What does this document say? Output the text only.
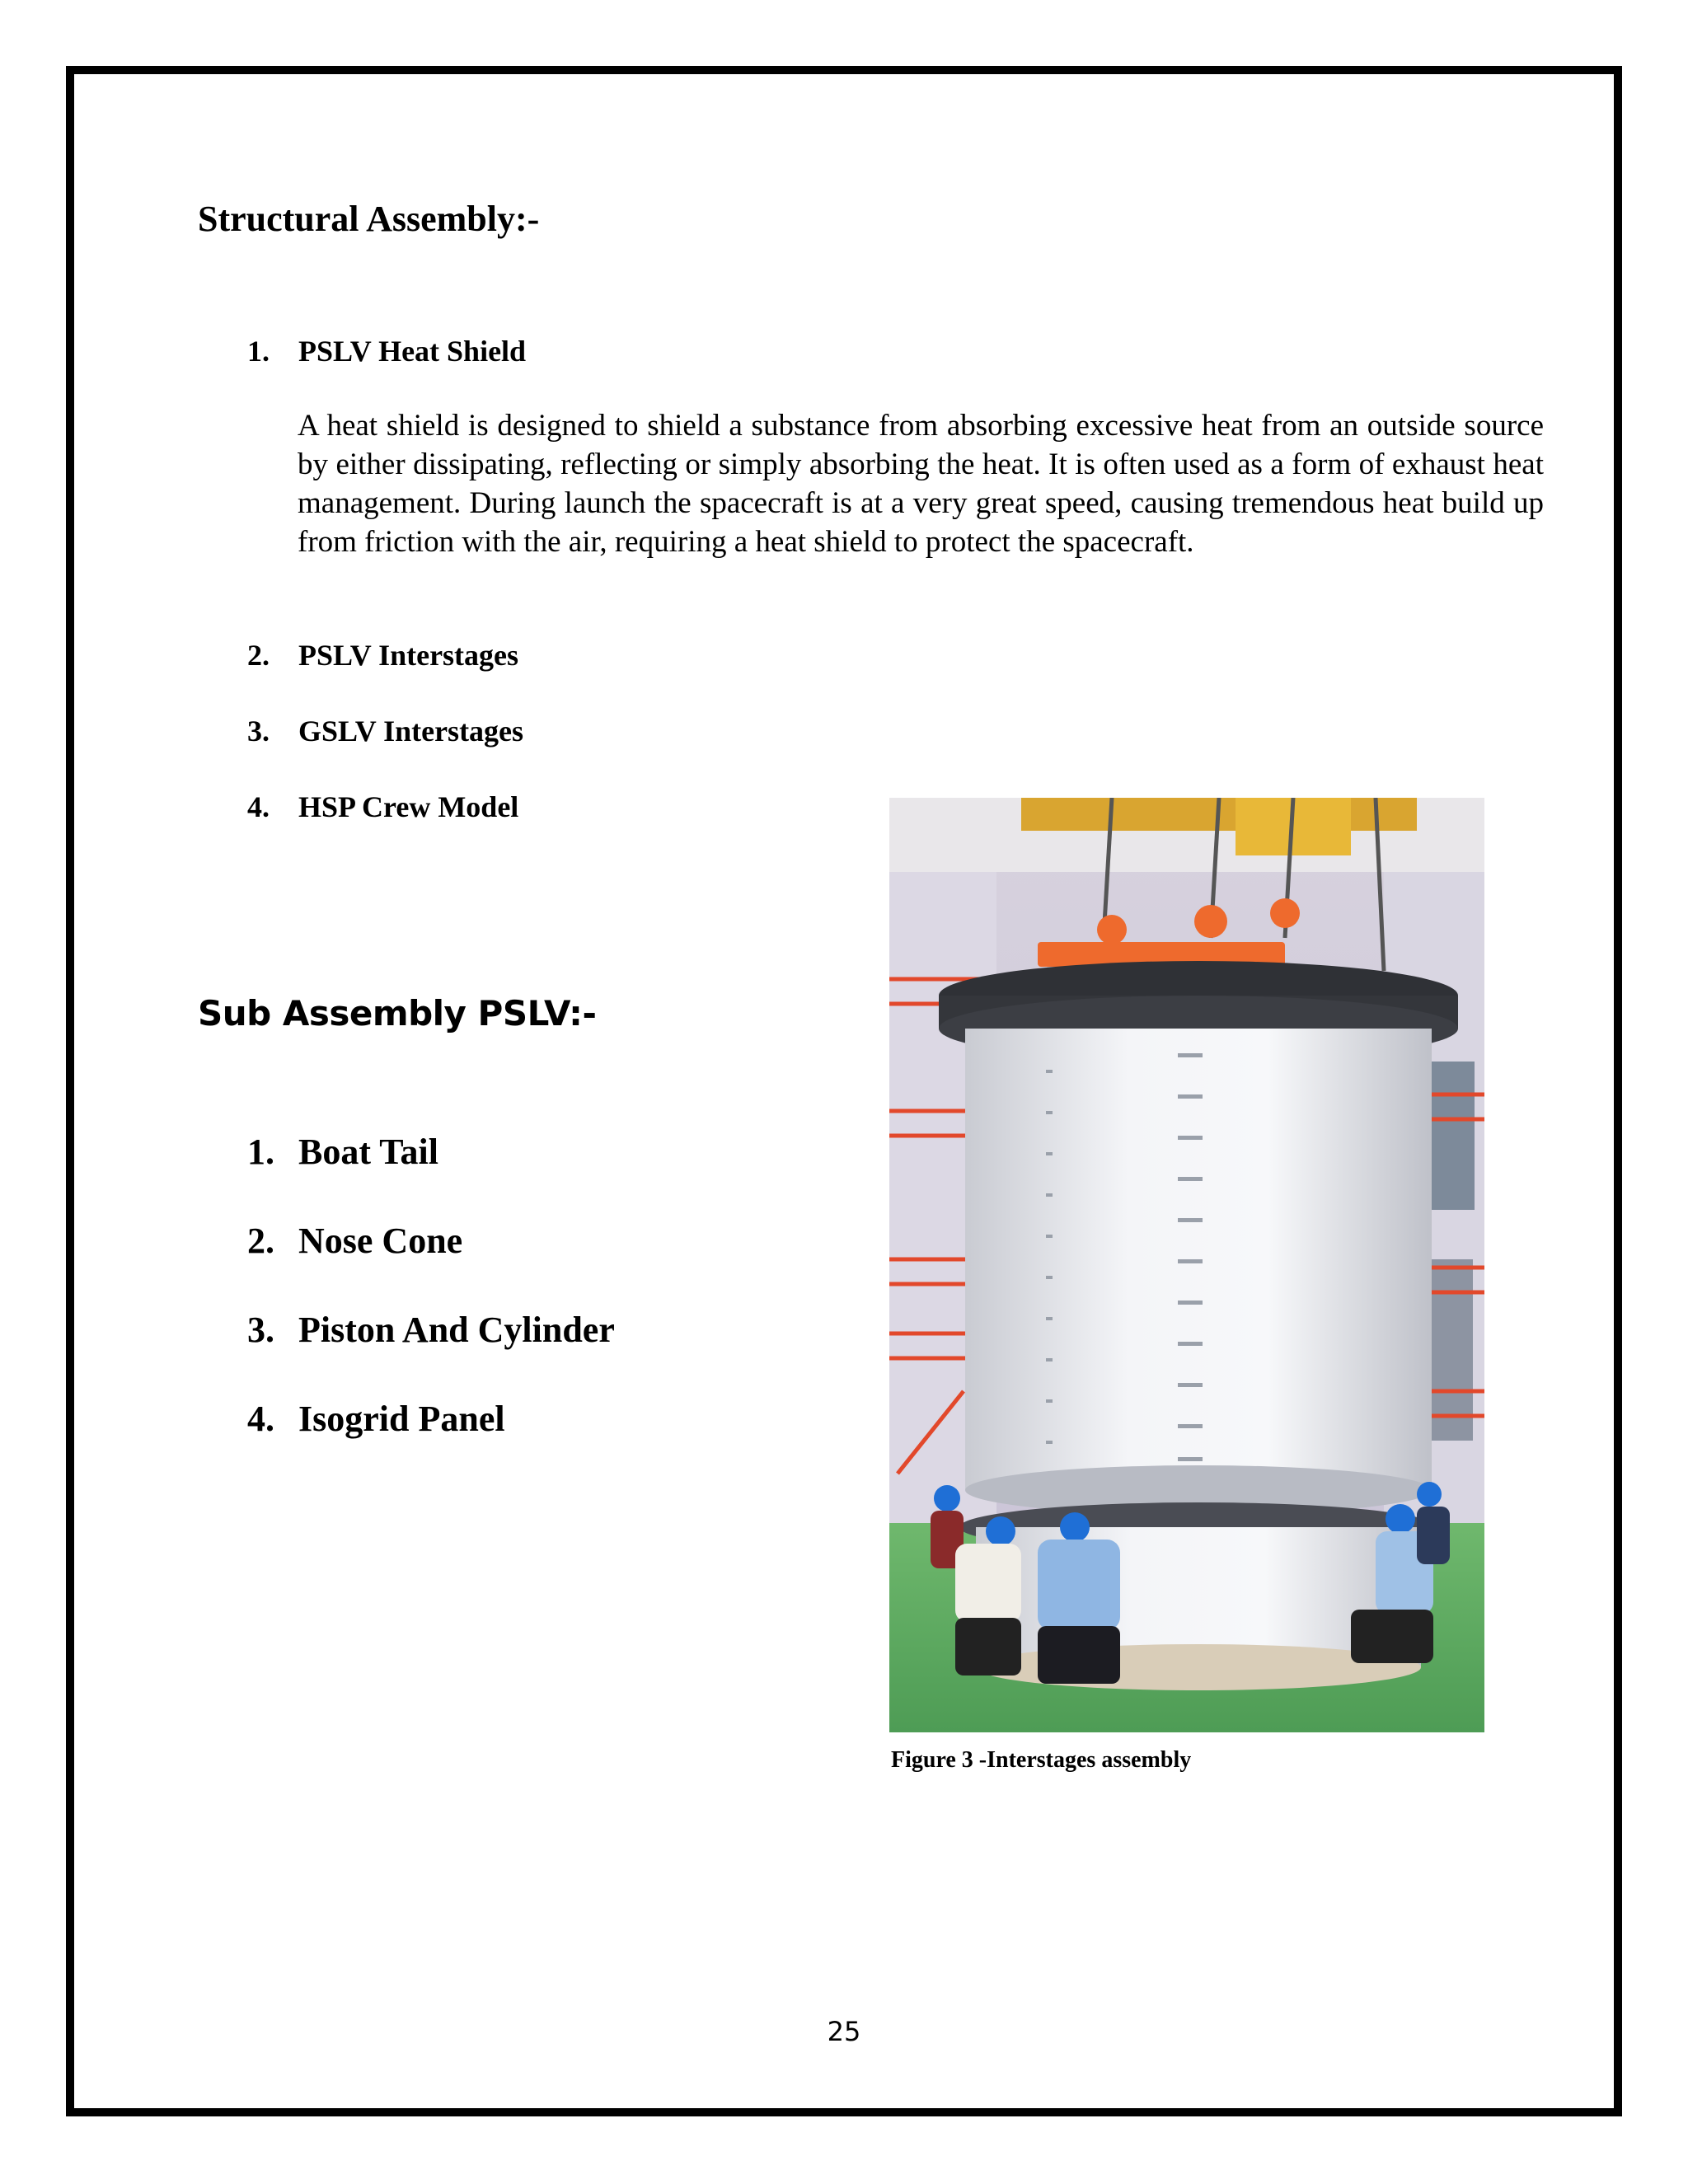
Structural Assembly:-
1. PSLV Heat Shield
A heat shield is designed to shield a substance from absorbing excessive heat from an outside source by either dissipating, reflecting or simply absorbing the heat. It is often used as a form of exhaust heat management. During launch the spacecraft is at a very great speed, causing tremendous heat build up from friction with the air, requiring a heat shield to protect the spacecraft.
2. PSLV Interstages
3. GSLV Interstages
4. HSP Crew Model
Sub Assembly PSLV:-
1. Boat Tail
2. Nose Cone
3. Piston And Cylinder
4. Isogrid Panel
Figure 3 -Interstages assembly
25
